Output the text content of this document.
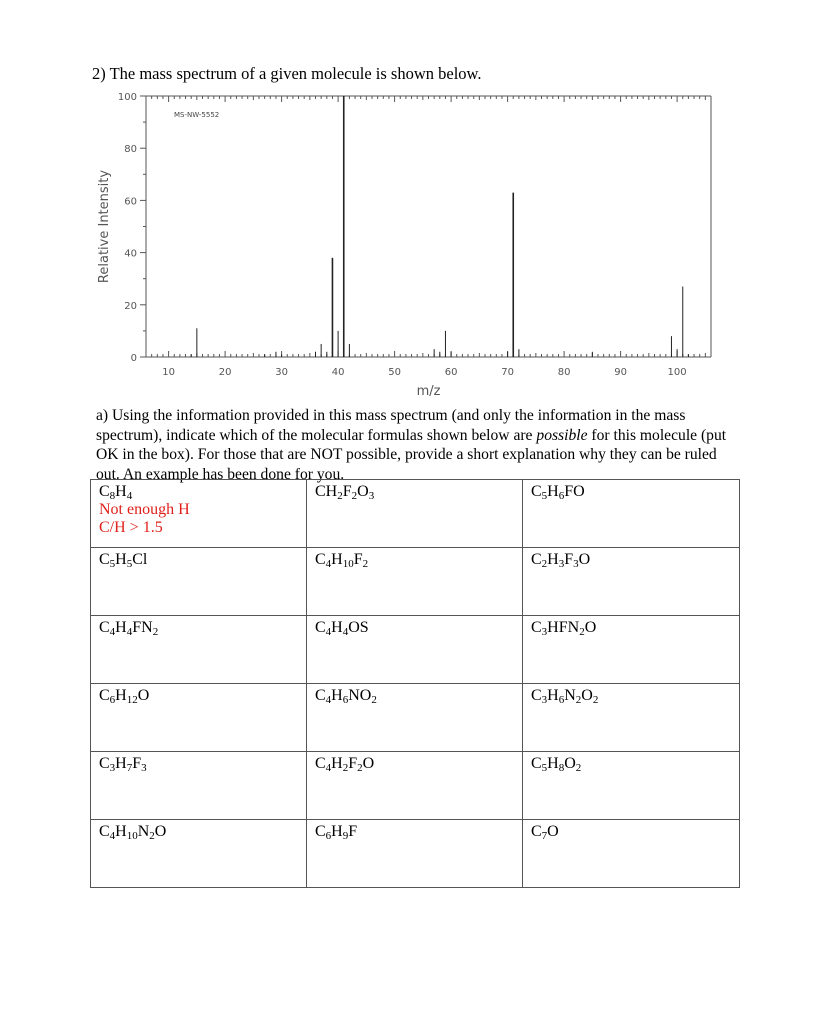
2) The mass spectrum of a given molecule is shown below.
0
20
40
60
80
100
10	20	30	40	50	60	70	80	90	100
MS-NW-5552
m/z
Relative Intensity
a) Using the information provided in this mass spectrum (and only the information in the mass spectrum), indicate which of the molecular formulas shown below are possible for this molecule (put OK in the box). For those that are NOT possible, provide a short explanation why they can be ruled out. An example has been done for you.
$C_8H_4$
Not enough H
C/H > 1.5	$CH_2F_2O_3$	$C_5H_6FO$

$C_5H_5Cl$	$C_4H_{10}F_2$	$C_2H_3F_3O$

$C_4H_4FN_2$	$C_4H_4OS$	$C_3HFN_2O$

$C_6H_{12}O$	$C_4H_6NO_2$	$C_3H_6N_2O_2$

$C_3H_7F_3$	$C_4H_2F_2O$	$C_5H_8O_2$

$C_4H_{10}N_2O$	$C_6H_9F$	$C_7O$
